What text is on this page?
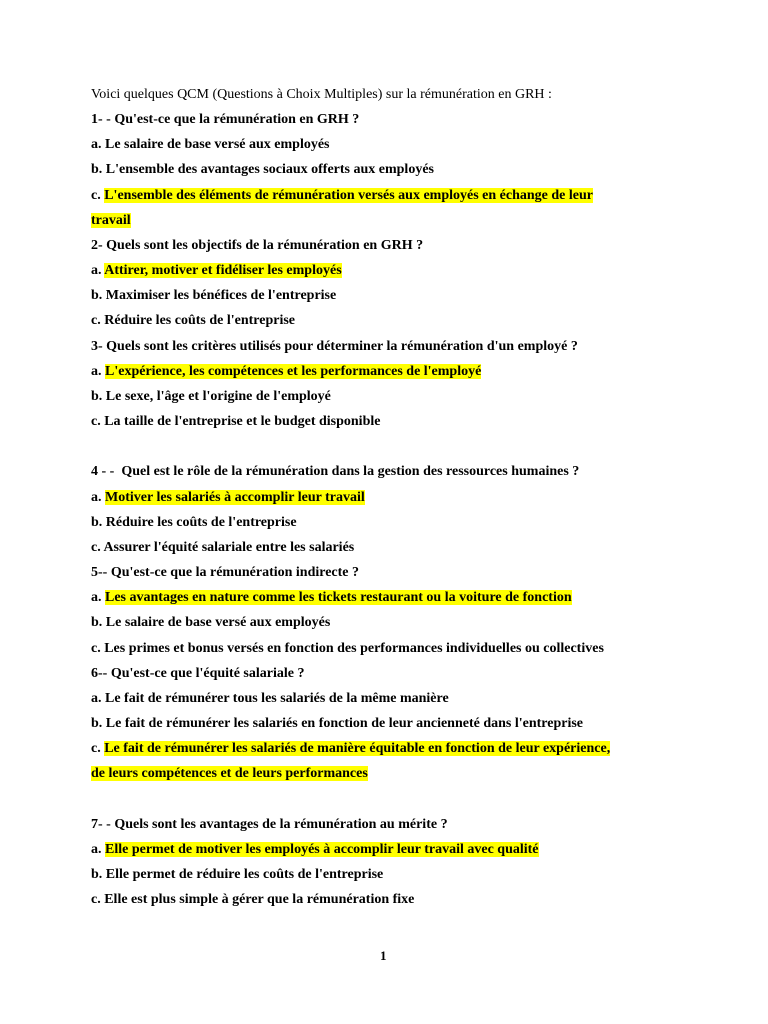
Voici quelques QCM (Questions à Choix Multiples) sur la rémunération en GRH :
1- - Qu'est-ce que la rémunération en GRH ?
a. Le salaire de base versé aux employés
b. L'ensemble des avantages sociaux offerts aux employés
c. L'ensemble des éléments de rémunération versés aux employés en échange de leur
travail
2- Quels sont les objectifs de la rémunération en GRH ?
a. Attirer, motiver et fidéliser les employés
b. Maximiser les bénéfices de l'entreprise
c. Réduire les coûts de l'entreprise
3- Quels sont les critères utilisés pour déterminer la rémunération d'un employé ?
a. L'expérience, les compétences et les performances de l'employé
b. Le sexe, l'âge et l'origine de l'employé
c. La taille de l'entreprise et le budget disponible
4 - -  Quel est le rôle de la rémunération dans la gestion des ressources humaines ?
a. Motiver les salariés à accomplir leur travail
b. Réduire les coûts de l'entreprise
c. Assurer l'équité salariale entre les salariés
5-- Qu'est-ce que la rémunération indirecte ?
a. Les avantages en nature comme les tickets restaurant ou la voiture de fonction
b. Le salaire de base versé aux employés
c. Les primes et bonus versés en fonction des performances individuelles ou collectives
6-- Qu'est-ce que l'équité salariale ?
a. Le fait de rémunérer tous les salariés de la même manière
b. Le fait de rémunérer les salariés en fonction de leur ancienneté dans l'entreprise
c. Le fait de rémunérer les salariés de manière équitable en fonction de leur expérience,
de leurs compétences et de leurs performances
7- - Quels sont les avantages de la rémunération au mérite ?
a. Elle permet de motiver les employés à accomplir leur travail avec qualité
b. Elle permet de réduire les coûts de l'entreprise
c. Elle est plus simple à gérer que la rémunération fixe
1
